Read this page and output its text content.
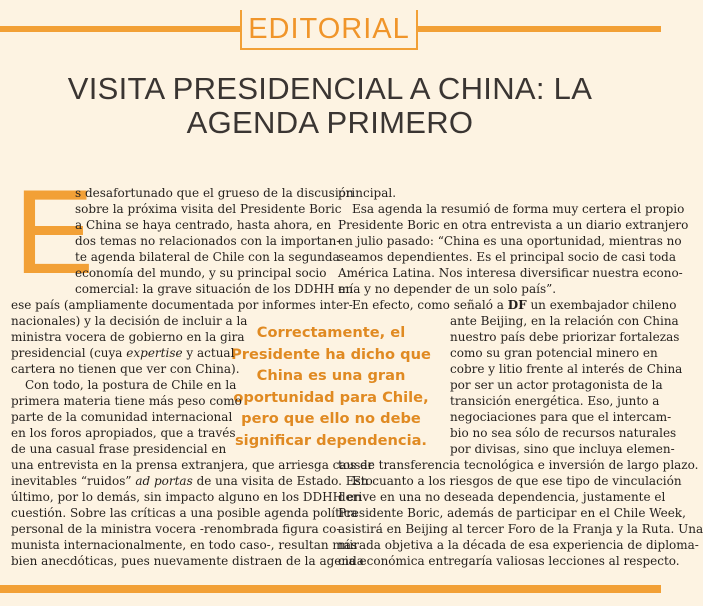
EDITORIAL
VISITA PRESIDENCIAL A CHINA: LA AGENDA PRIMERO
E

Correctamente, el Presidente ha dicho que China es una gran oportunidad para Chile, pero que ello no debe significar dependencia.

s desafortunado que el grueso de la discusión
sobre la próxima visita del Presidente Boric
a China se haya centrado, hasta ahora, en
dos temas no relacionados con la importan-
te agenda bilateral de Chile con la segunda
economía del mundo, y su principal socio
comercial: la grave situación de los DDHH en
ese país (ampliamente documentada por informes inter-
nacionales) y la decisión de incluir a la
ministra vocera de gobierno en la gira
presidencial (cuya expertise y actual
cartera no tienen que ver con China).
Con todo, la postura de Chile en la
primera materia tiene más peso como
parte de la comunidad internacional
en los foros apropiados, que a través
de una casual frase presidencial en
una entrevista en la prensa extranjera, que arriesga causar
inevitables “ruidos” ad portas de una visita de Estado. Esto
último, por lo demás, sin impacto alguno en los DDHH en
cuestión. Sobre las críticas a una posible agenda política
personal de la ministra vocera -renombrada figura co-
munista internacionalmente, en todo caso-, resultan más
bien anecdóticas, pues nuevamente distraen de la agenda
principal.
Esa agenda la resumió de forma muy certera el propio
Presidente Boric en otra entrevista a un diario extranjero
en julio pasado: “China es una oportunidad, mientras no
seamos dependientes. Es el principal socio de casi toda
América Latina. Nos interesa diversificar nuestra econo-
mía y no depender de un solo país”.
En efecto, como señaló a DF un exembajador chileno
ante Beijing, en la relación con China
nuestro país debe priorizar fortalezas
como su gran potencial minero en
cobre y litio frente al interés de China
por ser un actor protagonista de la
transición energética. Eso, junto a
negociaciones para que el intercam-
bio no sea sólo de recursos naturales
por divisas, sino que incluya elemen-
tos de transferencia tecnológica e inversión de largo plazo.
En cuanto a los riesgos de que ese tipo de vinculación
derive en una no deseada dependencia, justamente el
Presidente Boric, además de participar en el Chile Week,
asistirá en Beijing al tercer Foro de la Franja y la Ruta. Una
mirada objetiva a la década de esa experiencia de diploma-
cia económica entregaría valiosas lecciones al respecto.
